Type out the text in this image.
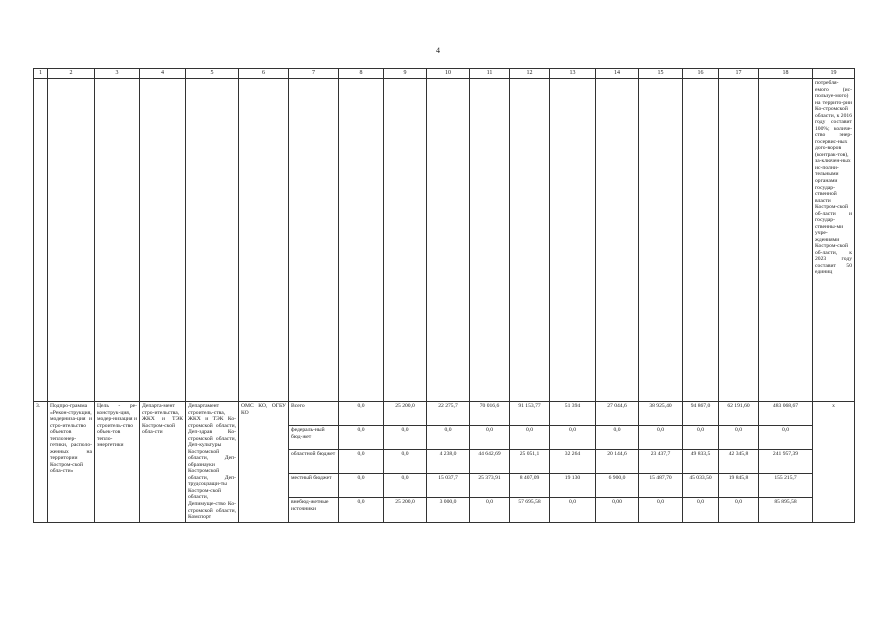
4
1	2	3	4	5	6	7	8	9	10	11	12	13	14	15	16	17	18	19
																		потребля-емого (ис-пользуе-мого) на террито-рии Ко-стромской области, к 2016 году составит 100%; количе-ство энер-госервис-ных дого-воров (контрак-тов), за-ключен-ных ис-полни-тельными органами государ-ственной власти Костром-ской об-ласти и государ-ственны-ми учре-ждениями Костром-ской об-ласти, к 2023 году составит 50 единиц
3.	Подпро-грамма «Рекон-струкция, модерниза-ция и стро-ительство объектов теплоэнер-гетики, располо-женных на территории Костром-ской обла-сти»	Цель - ре-конструк-ция, модер-низация и строитель-ство объек-тов тепло-энергетики	Департа-мент стро-ительства, ЖКХ и ТЭК Костром-ской обла-сти	Департамент строитель-ства, ЖКХ и ТЭК Ко-стромской области, Деп-здрав Ко-стромской области, Деп-культуры Костромской области, Деп-образнауки Костромской области, Деп-трудсоцзащи-ты Костром-ской области, Депимуще-ство Ко-стромской области, Комспорт	ОМС КО, ОГБУ КО	Всего	0,0	25 200,0	22 275,7	70 016,6	91 153,77	51 394	27 044,6	38 925,40	94 867,0	62 191,60	483 068,67	х
						федераль-ный бюд-жет	0,0	0,0	0,0	0,0	0,0	0,0	0,0	0,0	0,0	0,0	0,0	
						областной бюджет	0,0	0,0	4 238,0	44 642,69	25 051,1	32 264	20 144,6	23 437,7	49 833,5	42 345,8	241 957,39	
						местный бюджет	0,0	0,0	15 037,7	25 373,91	8 407,09	19 130	6 900,0	15 487,70	45 033,50	19 845,8	155 215,7	
						внебюд-жетные источники	0,0	25 200,0	3 000,0	0,0	57 695,58	0,0	0,00	0,0	0,0	0,0	85 895,58	
